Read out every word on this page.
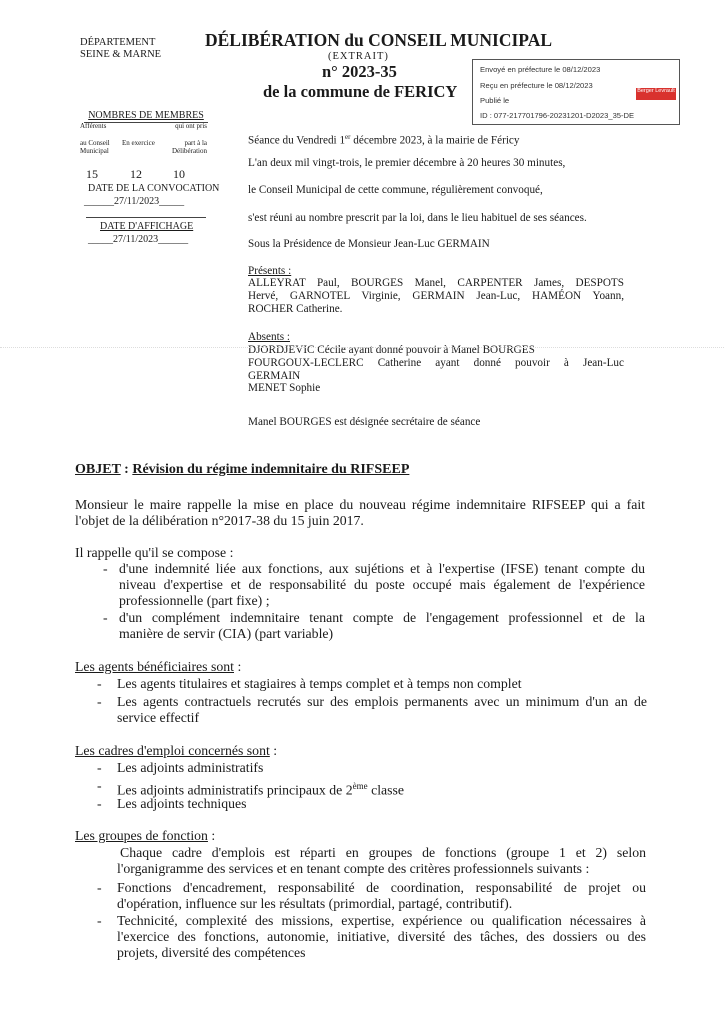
DÉPARTEMENT
SEINE & MARNE
DÉLIBÉRATION du CONSEIL MUNICIPAL
(EXTRAIT)
n° 2023-35
de la commune de FERICY
Envoyé en préfecture le 08/12/2023
Reçu en préfecture le 08/12/2023
Publié le
ID : 077-217701796-20231201-D2023_35-DE
Berger Levrault
NOMBRES DE MEMBRES
Afférents
au Conseil
Municipal
En exercice
qui ont pris
part à la
Délibération
15	12	10
DATE DE LA CONVOCATION
______27/11/2023_____
DATE D'AFFICHAGE
_____27/11/2023______
Séance du Vendredi 1er décembre 2023, à la mairie de Féricy
L'an deux mil vingt-trois, le premier décembre à 20 heures 30 minutes,
le Conseil Municipal de cette commune, régulièrement convoqué,
s'est réuni au nombre prescrit par la loi, dans le lieu habituel de ses séances.
Sous la Présidence de Monsieur Jean-Luc GERMAIN
Présents :
ALLEYRAT Paul, BOURGES Manel, CARPENTER James, DESPOTS
Hervé, GARNOTEL Virginie, GERMAIN Jean-Luc, HAMÉON Yoann,
ROCHER Catherine.
Absents :
DJORDJEVIC Cécile ayant donné pouvoir à Manel BOURGES
FOURGOUX-LECLERC Catherine ayant donné pouvoir à Jean-Luc
GERMAIN
MENET Sophie
Manel BOURGES est désignée secrétaire de séance
OBJET : Révision du régime indemnitaire du RIFSEEP
Monsieur le maire rappelle la mise en place du nouveau régime indemnitaire RIFSEEP qui a fait
l'objet de la délibération n°2017-38 du 15 juin 2017.
Il rappelle qu'il se compose :
- d'une indemnité liée aux fonctions, aux sujétions et à l'expertise (IFSE) tenant compte du
niveau d'expertise et de responsabilité du poste occupé mais également de l'expérience
professionnelle (part fixe) ;
- d'un complément indemnitaire tenant compte de l'engagement professionnel et de la
manière de servir (CIA) (part variable)
Les agents bénéficiaires sont :
- Les agents titulaires et stagiaires à temps complet et à temps non complet
- Les agents contractuels recrutés sur des emplois permanents avec un minimum d'un an de
service effectif
Les cadres d'emploi concernés sont :
- Les adjoints administratifs
- Les adjoints administratifs principaux de 2ème classe
- Les adjoints techniques
Les groupes de fonction :
Chaque cadre d'emplois est réparti en groupes de fonctions (groupe 1 et 2) selon
l'organigramme des services et en tenant compte des critères professionnels suivants :
- Fonctions d'encadrement, responsabilité de coordination, responsabilité de projet ou
d'opération, influence sur les résultats (primordial, partagé, contributif).
- Technicité, complexité des missions, expertise, expérience ou qualification nécessaires à
l'exercice des fonctions, autonomie, initiative, diversité des tâches, des dossiers ou des
projets, diversité des compétences
